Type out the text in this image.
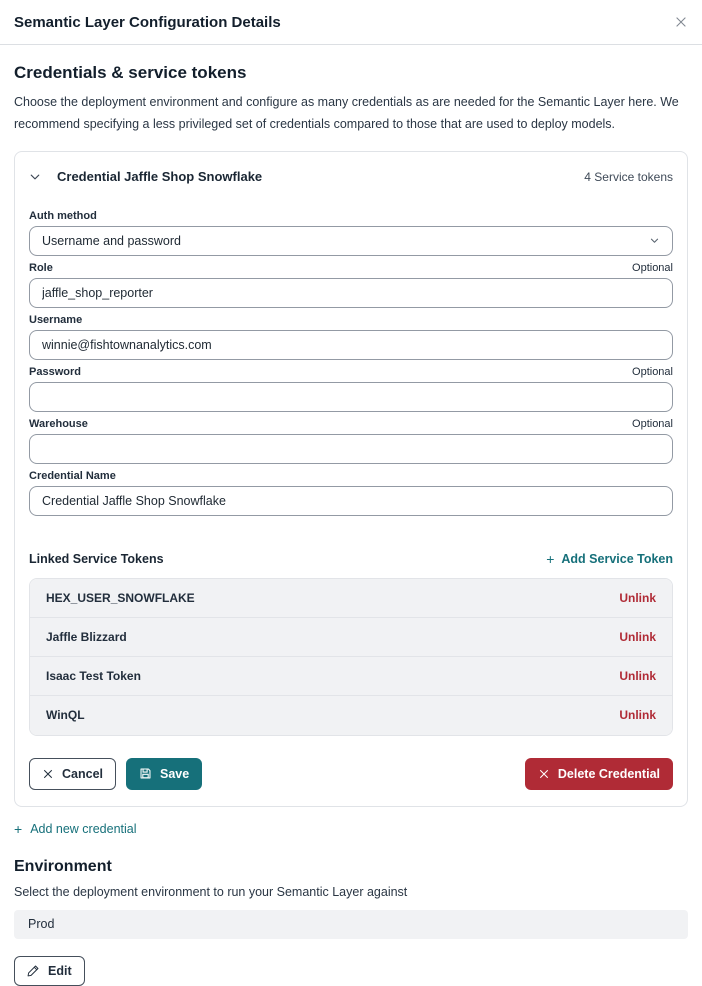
Semantic Layer Configuration Details
Credentials & service tokens
Choose the deployment environment and configure as many credentials as are needed for the Semantic Layer here. We recommend specifying a less privileged set of credentials compared to those that are used to deploy models.
Credential Jaffle Shop Snowflake	4 Service tokens
Auth method
Username and password
Role	Optional
jaffle_shop_reporter
Username
winnie@fishtownanalytics.com
Password	Optional
Warehouse	Optional
Credential Name
Credential Jaffle Shop Snowflake
Linked Service Tokens	+ Add Service Token
HEX_USER_SNOWFLAKE	Unlink
Jaffle Blizzard	Unlink
Isaac Test Token	Unlink
WinQL	Unlink
Cancel	Save	Delete Credential
+ Add new credential
Environment
Select the deployment environment to run your Semantic Layer against
Prod
Edit
